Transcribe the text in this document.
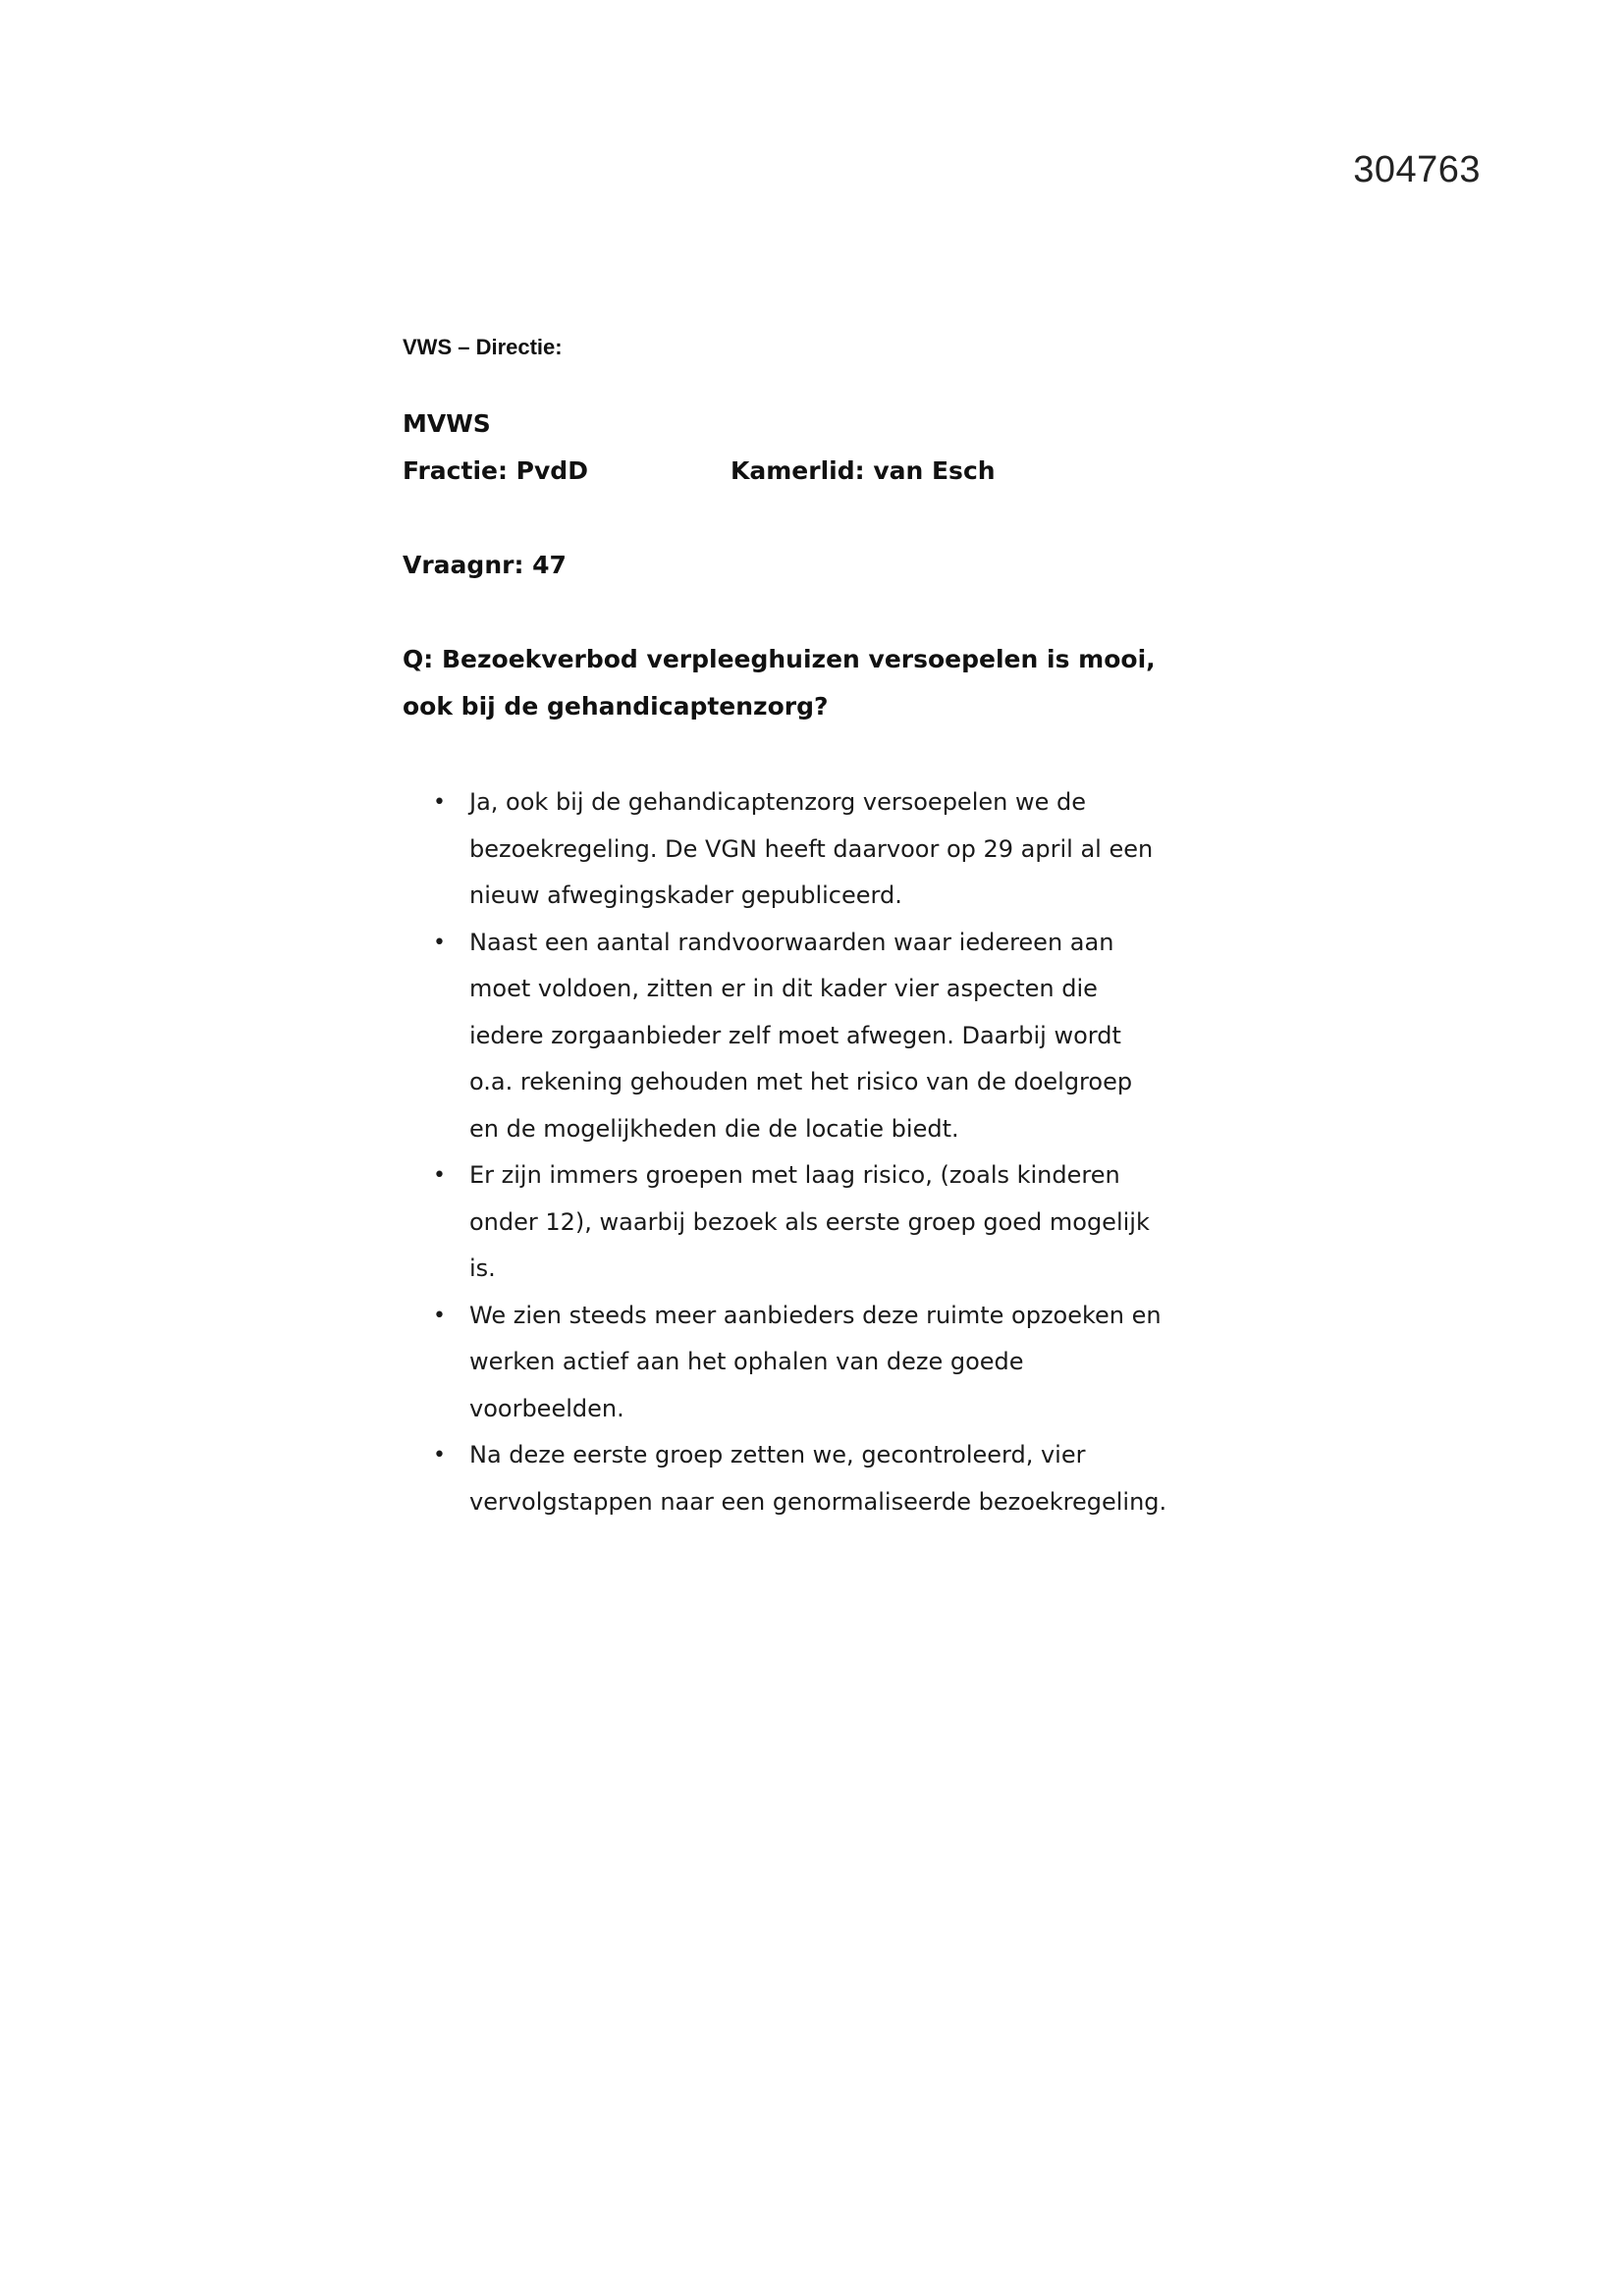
304763

VWS – Directie:

MVWS

Fractie: PvdD	Kamerlid: van Esch

Vraagnr: 47

Q: Bezoekverbod verpleeghuizen versoepelen is mooi,
ook bij de gehandicaptenzorg?
• Ja, ook bij de gehandicaptenzorg versoepelen we de
bezoekregeling. De VGN heeft daarvoor op 29 april al een
nieuw afwegingskader gepubliceerd.
• Naast een aantal randvoorwaarden waar iedereen aan
moet voldoen, zitten er in dit kader vier aspecten die
iedere zorgaanbieder zelf moet afwegen. Daarbij wordt
o.a. rekening gehouden met het risico van de doelgroep
en de mogelijkheden die de locatie biedt.
• Er zijn immers groepen met laag risico, (zoals kinderen
onder 12), waarbij bezoek als eerste groep goed mogelijk
is.
• We zien steeds meer aanbieders deze ruimte opzoeken en
werken actief aan het ophalen van deze goede
voorbeelden.
• Na deze eerste groep zetten we, gecontroleerd, vier
vervolgstappen naar een genormaliseerde bezoekregeling.
